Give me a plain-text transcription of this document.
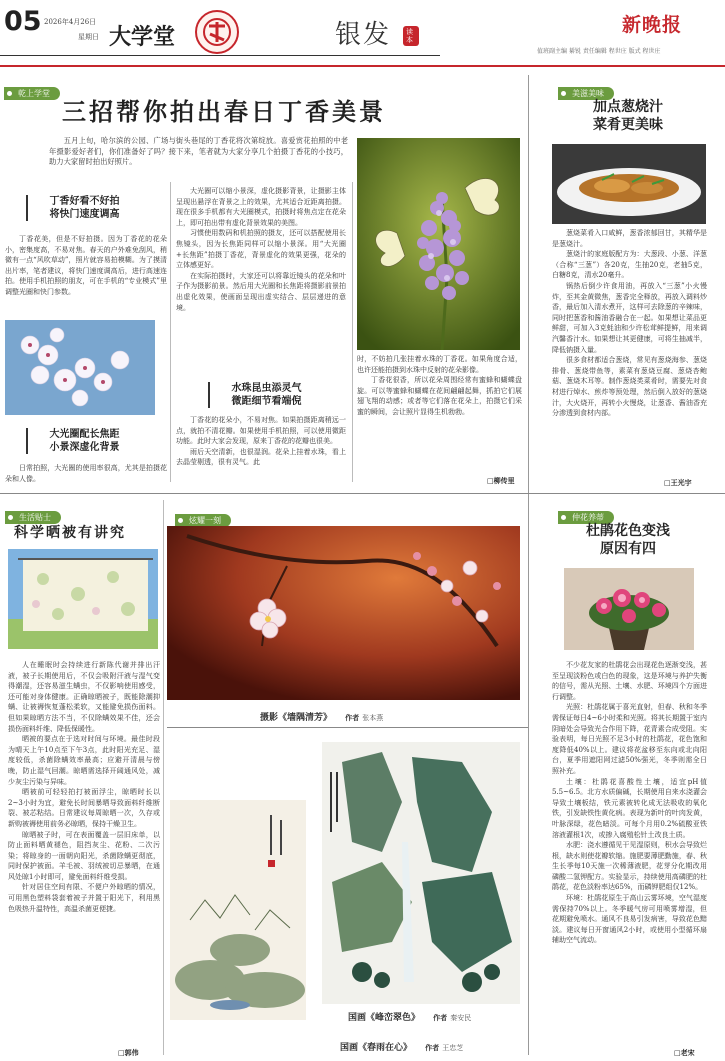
05 2026年4月26日
星期日 大学堂	银发	读本
新晚报
值班副主编 綦锐 责任编辑 程世庄 版式 程世庄
乾上学堂
三招帮你拍出春日丁香美景
五月上旬，哈尔滨的公园、广场与街头巷尾的丁香花将次第绽放。喜爱赏花拍照的中老年摄影爱好者们，你们准备好了吗？接下来，笔者就为大家分享几个拍摄丁香花的小技巧，助力大家留时拍出好照片。
丁香好看不好拍
将快门速度调高

丁香花美，但是不好拍摄。因为丁香花的花朵小，密集度高，不易对焦。春天的户外难免刮风，稍微有一点“风吹草动”，照片就容易拍模糊。为了摸清出片率，笔者建议，将快门速度调高后，进行高速连拍。使用手机拍照的朋友，可在手机的“专业模式”里调整光圈和快门参数。

大光圈配长焦距
小景深虚化背景

日常拍照，大光圈的使用率很高，尤其是拍摄花朵和人像。

大光圈可以缩小景深，虚化摄影背景，让摄影主体呈现出悬浮在背景之上的效果，尤其适合近距离拍摄。现在很多手机都有大光圈模式，拍摄时将焦点定在花朵上，即可拍出带有虚化背景效果的美图。

习惯使用数码和机拍照的摄友，还可以搭配使用长焦镜头，因为长焦距同样可以缩小景深。用“大光圈+长焦距”拍摄丁香花，背景虚化的效果更强，花朵的立体感更好。

在实际拍摄时，大家还可以将靠近镜头的花朵和叶子作为摄影前景。然后用大光圈和长焦距将摄影前景拍出虚化效果，使画面呈现出虚实结合、层层递进的意境。

水珠昆虫添灵气
微距细节看端倪

丁香花的花朵小，不易对焦。如果拍摄距离稍远一点，就拍不清花瓣。如果使用手机拍照，可以使用微距功能。此时大家会发现，原来丁香花的花瓣也很美。

雨后天空清新，也很湿润。花朵上挂着水珠，看上去晶莹剔透，很有灵气。此

时，不妨拍几张挂着水珠的丁香花。如果角度合适，也许还能拍摄到水珠中反射的花朵影像。

丁香花很香，所以花朵周围经常有蜜蜂和蝴蝶盘旋。可以等蜜蜂和蝴蝶在花间翩翩起舞，抓拍它们展翅飞翔的动感；或者等它们落在花朵上，拍摄它们采蜜的瞬间，会让照片显得生机勃勃。

□柳传里
美滋美味
加点葱烧汁
菜肴更美味

葱烧菜肴入口咸鲜，葱香浓郁回甘，其精华是是葱烧汁。

葱烧汁的家庭版配方为：大葱段、小葱、洋葱（合称“三葱”）各20克，生抽20克，老抽5克，白糖8克，清水20毫升。

锅热后倒少许食用油，再放入“三葱”小火慢炸，至其金黄微焦，葱香完全释放，再放入调料炒香，最后加入清水煮开，这样可去除葱的辛辣味，同时把葱香和酱油香融合在一起。如果想让菜品更鲜甜，可加入3克蚝油和少许松茸鲜提鲜，用来调汽馨香汁水。如果想让其更健康，可将生抽减半，降低钠摄入量。

很多食材都适合葱烧，常见有葱烧海参、葱烧排骨、葱烧带鱼等，素菜有葱烧豆腐、葱烧杏鲍菇、葱烧木耳等。制作葱烧类菜肴时，需要先对食材进行焯水、煎炸等预处理，然后倒入放好的葱烧汁，大火烧开，再转小火慢烧，让葱香、酱油香充分渗透到食材内部。

□王光宇
生活贴士
科学晒被有讲究

人在睡眠时会持续进行新陈代谢并排出汗液，被子长期使用后，不仅会吸附汗液与湿气变得潮湿，还容易滋生螨虫，不仅影响使用感受，还可能对身体健康。正确晾晒被子，既能除潮抑螨、让被褥恢复蓬松柔软，又能避免损伤面料。但如果晾晒方法不当，不仅除螨效果不佳，还会损伤面料纤维、降低保暖性。

晒被的要点在于选对时间与环境。最佳时段为晴天上午10点至下午3点，此时阳光充足、湿度较低，杀菌除螨效率最高；应避开清晨与傍晚，防止湿气回潮。晾晒需选择开阔通风处，减少灰尘污染与异味。

晒被前可轻轻拍打被面浮尘，晾晒时长以2~3小时为宜，避免长时间暴晒导致面料纤维断裂、被芯粘结。日常建议每周晾晒一次，久存或新购被褥使用前务必晾晒，保持干燥卫生。

晾晒被子时，可在表面覆盖一层旧床单，以防止面料晒黄褪色，阻挡灰尘、花粉、二次污染；将晾身的一面朝向阳光，杀菌除螨更彻底，同时保护被面。羊毛被、羽绒被切忌暴晒，在通风处晾1小时即可，避免面料纤维受损。

针对居住空间有限、不便户外晾晒的情况，可用黑色塑料袋套着被子并置于阳光下，利用黑色吸热升温特性，高温杀菌更便捷。

□郭伟
炫耀一刻
摄影《墙隅清芳》 作者 张本燕
国画《峰峦翠色》 作者 秦安民
国画《春雨在心》 作者 王忠芝
仲花养蒂
杜鹃花色变浅
原因有四

不少花友家的杜鹃花会出现花色逐渐变浅，甚至呈现淡粉色或白色的现象，这是环境与养护失衡的信号，需从光照、土壤、水肥、环境四个方面进行调整。

光照：杜鹃花属于喜光直射，但春、秋和冬季需保证每日4~6小时柔和光照。将其长期置于室内阴暗处会导致光合作用下降，花青素合成受阻。实验表明，每日光照不足3小时的杜鹃花，花色饱和度降低40%以上。建议将花盆移至东向或北向阳台，夏季用遮阳网过滤50%强光，冬季则需全日照补充。

土壤：杜鹃花喜酸性土壤，适宜pH值5.5~6.5。北方水质偏碱，长期使用自来水浇灌会导致土壤板结，铁元素被转化成无法吸收的氧化铁，引发缺铁性黄化病。表现为新叶的叶肉发黄，叶脉深绿，花色暗淡。可每个月用0.2%硫酸亚铁溶液灌根1次，或掺入腐殖松针土改良土质。

水肥：浇水遵循见干见湿原则，积水会导致烂根，缺水则使花瓣软缩。施肥要薄肥勤施，春、秋生长季每10天施一次稀薄液肥，花芽分化期改用磷酸二氢钾配方。实验显示，持续使用高磷肥的杜鹃花，花色淡粉率达65%，而磷钾肥组仅12%。

环境：杜鹃花原生于高山云雾环境，空气湿度需保持70%以上。冬季暖气房可用喷雾增湿，但花期避免喷水。通风不良易引发病害，导致花色黯淡。建议每日开窗通风2小时，或使用小型循环扇辅助空气流动。

□老宋
